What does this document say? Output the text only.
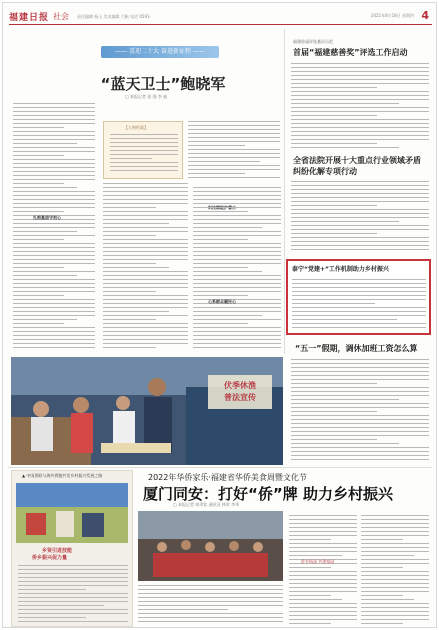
福建日报 社会 责任编辑 杨玉 美术编辑 吕帆 电话 0591-	2022年8月18日 星期四 4
—— 喜迎二十大 奋进新征程 ——
“蓝天卫士”鲍晓军
□ 本报记者 张 强 李 迪
扎根基层守初心
【人物档案】
心系群众暖民心
福建首届评选基层示范
首届“福建慈善奖”评选工作启动
全省法院开展十大重点行业领域矛盾纠纷化解专项行动
泰宁“党建+”工作机制助力乡村振兴
“五一”假期，调休加班工资怎么算
伏季休渔
普法宣传
▲ 中国侨联与海外侨胞共话乡村振兴发展之路
乡贤引进技能
侨乡振兴促力量
2022年华侨家乐·福建省华侨美食周暨文化节
厦门同安：打好“侨”牌 助力乡村振兴
□ 本报记者 胡翠钦 通讯员 林荣 李华
侨乡情深 共建家园
